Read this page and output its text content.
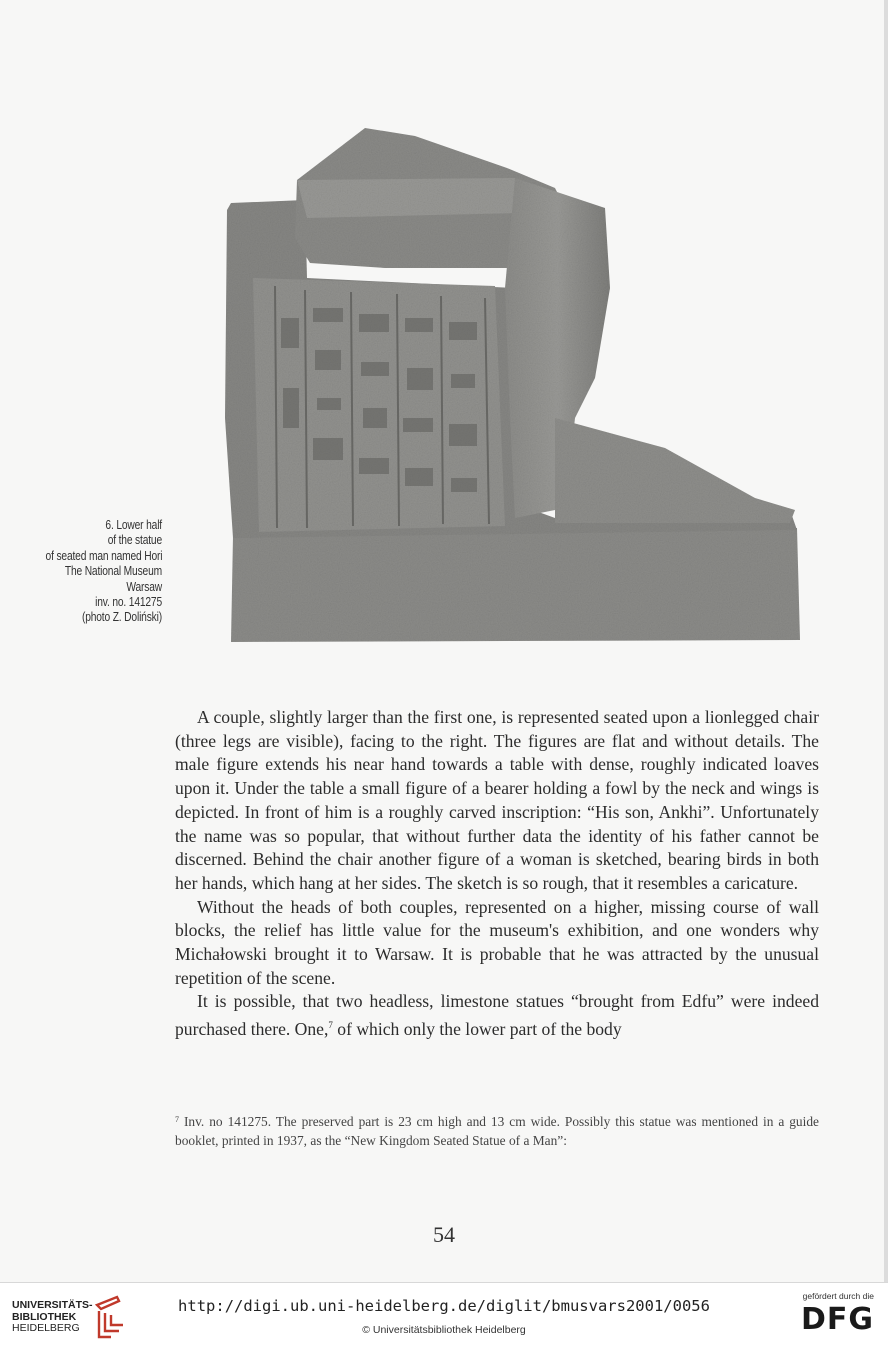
6. Lower half
of the statue
of seated man named Hori
The National Museum
Warsaw
inv. no. 141275
(photo Z. Doliński)

A couple, slightly larger than the first one, is represented seated upon a lionlegged chair (three legs are visible), facing to the right. The figures are flat and without details. The male figure extends his near hand towards a table with dense, roughly indicated loaves upon it. Under the table a small figure of a bearer holding a fowl by the neck and wings is depicted. In front of him is a roughly carved inscription: “His son, Ankhi”. Unfortunately the name was so popular, that without further data the identity of his father cannot be discerned. Behind the chair another figure of a woman is sketched, bearing birds in both her hands, which hang at her sides. The sketch is so rough, that it resembles a caricature.

Without the heads of both couples, represented on a higher, missing course of wall blocks, the relief has little value for the museum's exhibition, and one wonders why Michałowski brought it to Warsaw. It is probable that he was attracted by the unusual repetition of the scene.

It is possible, that two headless, limestone statues “brought from Edfu” were indeed purchased there. One,$^7$ of which only the lower part of the body

$^7$ Inv. no 141275. The preserved part is 23 cm high and 13 cm wide. Possibly this statue was mentioned in a guide booklet, printed in 1937, as the “New Kingdom Seated Statue of a Man”:
54
UNIVERSITÄTS-
BIBLIOTHEK
HEIDELBERG
http://digi.ub.uni-heidelberg.de/diglit/bmusvars2001/0056
© Universitätsbibliothek Heidelberg
gefördert durch die
DFG
